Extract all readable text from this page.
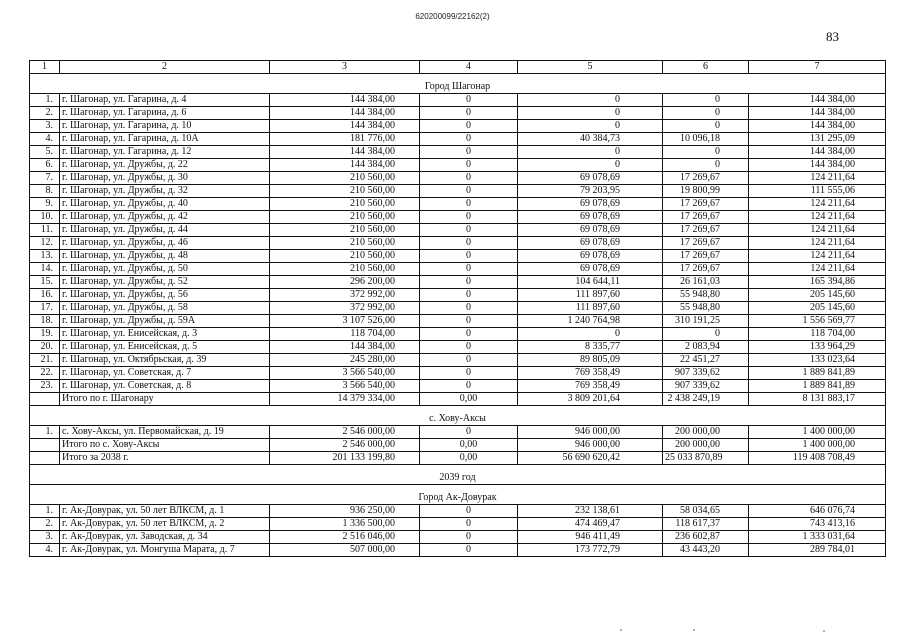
620200099/22162(2)
83
1	2	3	4	5	6	7

Город Шагонар						
1.	г. Шагонар, ул. Гагарина, д. 4	144 384,00	0	0	0	144 384,00
2.	г. Шагонар, ул. Гагарина, д. 6	144 384,00	0	0	0	144 384,00
3.	г. Шагонар, ул. Гагарина, д. 10	144 384,00	0	0	0	144 384,00
4.	г. Шагонар, ул. Гагарина, д. 10А	181 776,00	0	40 384,73	10 096,18	131 295,09
5.	г. Шагонар, ул. Гагарина, д. 12	144 384,00	0	0	0	144 384,00
6.	г. Шагонар, ул. Дружбы, д. 22	144 384,00	0	0	0	144 384,00
7.	г. Шагонар, ул. Дружбы, д. 30	210 560,00	0	69 078,69	17 269,67	124 211,64
8.	г. Шагонар, ул. Дружбы, д. 32	210 560,00	0	79 203,95	19 800,99	111 555,06
9.	г. Шагонар, ул. Дружбы, д. 40	210 560,00	0	69 078,69	17 269,67	124 211,64
10.	г. Шагонар, ул. Дружбы, д. 42	210 560,00	0	69 078,69	17 269,67	124 211,64
11.	г. Шагонар, ул. Дружбы, д. 44	210 560,00	0	69 078,69	17 269,67	124 211,64
12.	г. Шагонар, ул. Дружбы, д. 46	210 560,00	0	69 078,69	17 269,67	124 211,64
13.	г. Шагонар, ул. Дружбы, д. 48	210 560,00	0	69 078,69	17 269,67	124 211,64
14.	г. Шагонар, ул. Дружбы, д. 50	210 560,00	0	69 078,69	17 269,67	124 211,64
15.	г. Шагонар, ул. Дружбы, д. 52	296 200,00	0	104 644,11	26 161,03	165 394,86
16.	г. Шагонар, ул. Дружбы, д. 56	372 992,00	0	111 897,60	55 948,80	205 145,60
17.	г. Шагонар, ул. Дружбы, д. 58	372 992,00	0	111 897,60	55 948,80	205 145,60
18.	г. Шагонар, ул. Дружбы, д. 59А	3 107 526,00	0	1 240 764,98	310 191,25	1 556 569,77
19.	г. Шагонар, ул. Енисейская, д. 3	118 704,00	0	0	0	118 704,00
20.	г. Шагонар, ул. Енисейская, д. 5	144 384,00	0	8 335,77	2 083,94	133 964,29
21.	г. Шагонар, ул. Октябрьская, д. 39	245 280,00	0	89 805,09	22 451,27	133 023,64
22.	г. Шагонар, ул. Советская, д. 7	3 566 540,00	0	769 358,49	907 339,62	1 889 841,89
23.	г. Шагонар, ул. Советская, д. 8	3 566 540,00	0	769 358,49	907 339,62	1 889 841,89
	Итого по г. Шагонару	14 379 334,00	0,00	3 809 201,64	2 438 249,19	8 131 883,17

с. Хову-Аксы						
1.	с. Хову-Аксы, ул. Первомайская, д. 19	2 546 000,00	0	946 000,00	200 000,00	1 400 000,00
	Итого по с. Хову-Аксы	2 546 000,00	0,00	946 000,00	200 000,00	1 400 000,00
	Итого за 2038 г.	201 133 199,80	0,00	56 690 620,42	25 033 870,89	119 408 708,49

2039 год						

Город Ак-Довурак						
1.	г. Ак-Довурак, ул. 50 лет ВЛКСМ, д. 1	936 250,00	0	232 138,61	58 034,65	646 076,74
2.	г. Ак-Довурак, ул. 50 лет ВЛКСМ, д. 2	1 336 500,00	0	474 469,47	118 617,37	743 413,16
3.	г. Ак-Довурак, ул. Заводская, д. 34	2 516 046,00	0	946 411,49	236 602,87	1 333 031,64
4.	г. Ак-Довурак, ул. Монгуша Марата, д. 7	507 000,00	0	173 772,79	43 443,20	289 784,01
